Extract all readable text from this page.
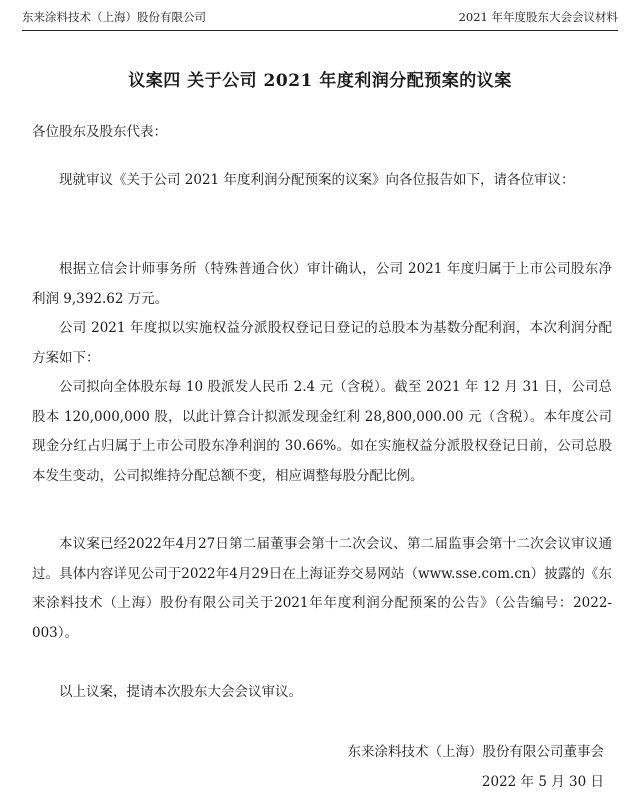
东来涂料技术（上海）股份有限公司	2021 年年度股东大会会议材料
议案四 关于公司 2021 年度利润分配预案的议案

各位股东及股东代表：

现就审议《关于公司 2021 年度利润分配预案的议案》向各位报告如下，请各位审议：

根据立信会计师事务所（特殊普通合伙）审计确认，公司 2021 年度归属于上市公司股东净利润 9,392.62 万元。

公司 2021 年度拟以实施权益分派股权登记日登记的总股本为基数分配利润，本次利润分配方案如下：

公司拟向全体股东每 10 股派发人民币 2.4 元（含税）。截至 2021 年 12 月 31 日，公司总股本 120,000,000 股，以此计算合计拟派发现金红利 28,800,000.00 元（含税）。本年度公司现金分红占归属于上市公司股东净利润的 30.66%。如在实施权益分派股权登记日前，公司总股本发生变动，公司拟维持分配总额不变，相应调整每股分配比例。

本议案已经2022年4月27日第二届董事会第十二次会议、第二届监事会第十二次会议审议通过。具体内容详见公司于2022年4月29日在上海证券交易网站（www.sse.com.cn）披露的《东来涂料技术（上海）股份有限公司关于2021年年度利润分配预案的公告》（公告编号：2022-003）。

以上议案，提请本次股东大会会议审议。

东来涂料技术（上海）股份有限公司董事会
2022 年 5 月 30 日
